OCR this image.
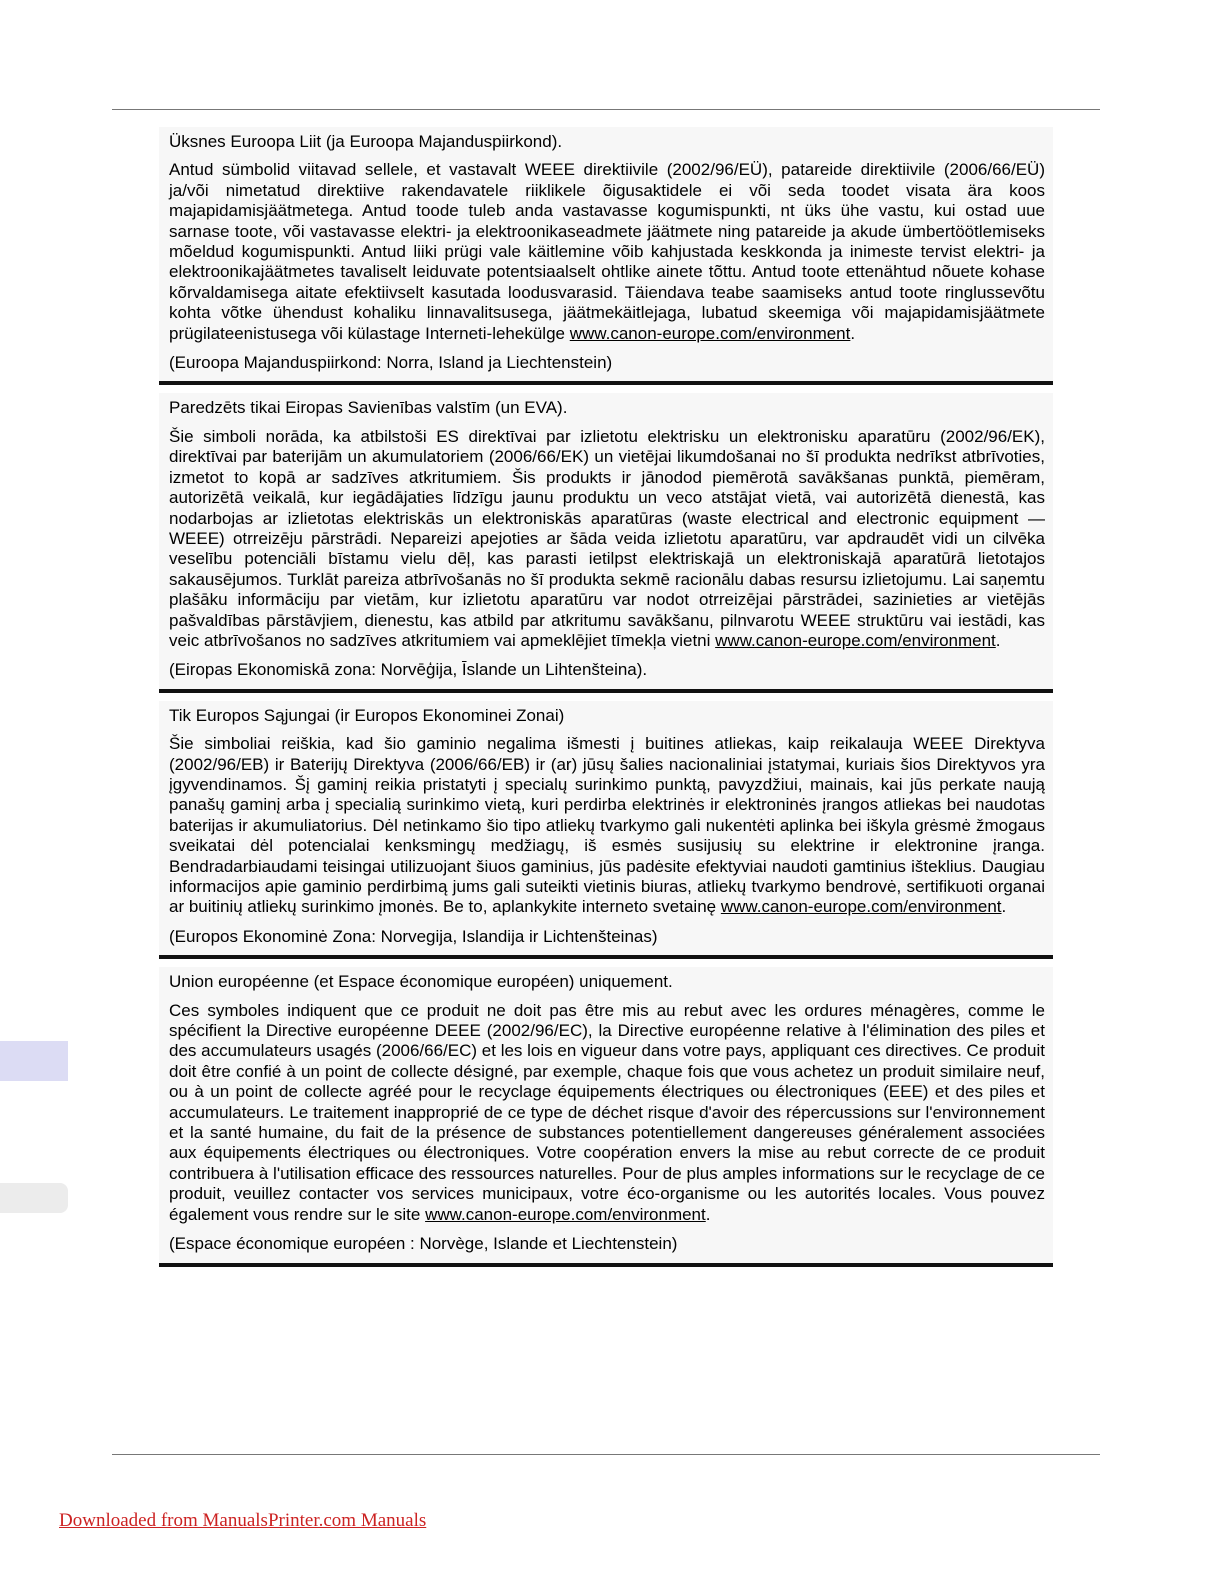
Üksnes Euroopa Liit (ja Euroopa Majanduspiirkond).

Antud sümbolid viitavad sellele, et vastavalt WEEE direktiivile (2002/96/EÜ), patareide direktiivile (2006/66/EÜ) ja/või nimetatud direktiive rakendavatele riiklikele õigusaktidele ei või seda toodet visata ära koos majapidamisjäätmetega. Antud toode tuleb anda vastavasse kogumispunkti, nt üks ühe vastu, kui ostad uue sarnase toote, või vastavasse elektri- ja elektroonikaseadmete jäätmete ning patareide ja akude ümbertöötlemiseks mõeldud kogumispunkti. Antud liiki prügi vale käitlemine võib kahjustada keskkonda ja inimeste tervist elektri- ja elektroonikajäätmetes tavaliselt leiduvate potentsiaalselt ohtlike ainete tõttu. Antud toote ettenähtud nõuete kohase kõrvaldamisega aitate efektiivselt kasutada loodusvarasid. Täiendava teabe saamiseks antud toote ringlussevõtu kohta võtke ühendust kohaliku linnavalitsusega, jäätmekäitlejaga, lubatud skeemiga või majapidamisjäätmete prügilateenistusega või külastage Interneti-lehekülge www.canon-europe.com/environment.

(Euroopa Majanduspiirkond: Norra, Island ja Liechtenstein)

Paredzēts tikai Eiropas Savienības valstīm (un EVA).

Šie simboli norāda, ka atbilstoši ES direktīvai par izlietotu elektrisku un elektronisku aparatūru (2002/96/EK), direktīvai par baterijām un akumulatoriem (2006/66/EK) un vietējai likumdošanai no šī produkta nedrīkst atbrīvoties, izmetot to kopā ar sadzīves atkritumiem. Šis produkts ir jānodod piemērotā savākšanas punktā, piemēram, autorizētā veikalā, kur iegādājaties līdzīgu jaunu produktu un veco atstājat vietā, vai autorizētā dienestā, kas nodarbojas ar izlietotas elektriskās un elektroniskās aparatūras (waste electrical and electronic equipment — WEEE) otrreizēju pārstrādi. Nepareizi apejoties ar šāda veida izlietotu aparatūru, var apdraudēt vidi un cilvēka veselību potenciāli bīstamu vielu dēļ, kas parasti ietilpst elektriskajā un elektroniskajā aparatūrā lietotajos sakausējumos. Turklāt pareiza atbrīvošanās no šī produkta sekmē racionālu dabas resursu izlietojumu. Lai saņemtu plašāku informāciju par vietām, kur izlietotu aparatūru var nodot otrreizējai pārstrādei, sazinieties ar vietējās pašvaldības pārstāvjiem, dienestu, kas atbild par atkritumu savākšanu, pilnvarotu WEEE struktūru vai iestādi, kas veic atbrīvošanos no sadzīves atkritumiem vai apmeklējiet tīmekļa vietni www.canon-europe.com/environment.

(Eiropas Ekonomiskā zona: Norvēģija, Īslande un Lihtenšteina).

Tik Europos Sąjungai (ir Europos Ekonominei Zonai)

Šie simboliai reiškia, kad šio gaminio negalima išmesti į buitines atliekas, kaip reikalauja WEEE Direktyva (2002/96/EB) ir Baterijų Direktyva (2006/66/EB) ir (ar) jūsų šalies nacionaliniai įstatymai, kuriais šios Direktyvos yra įgyvendinamos. Šį gaminį reikia pristatyti į specialų surinkimo punktą, pavyzdžiui, mainais, kai jūs perkate naują panašų gaminį arba į specialią surinkimo vietą, kuri perdirba elektrinės ir elektroninės įrangos atliekas bei naudotas baterijas ir akumuliatorius. Dėl netinkamo šio tipo atliekų tvarkymo gali nukentėti aplinka bei iškyla grėsmė žmogaus sveikatai dėl potencialai kenksmingų medžiagų, iš esmės susijusių su elektrine ir elektronine įranga. Bendradarbiaudami teisingai utilizuojant šiuos gaminius, jūs padėsite efektyviai naudoti gamtinius išteklius. Daugiau informacijos apie gaminio perdirbimą jums gali suteikti vietinis biuras, atliekų tvarkymo bendrovė, sertifikuoti organai ar buitinių atliekų surinkimo įmonės. Be to, aplankykite interneto svetainę www.canon-europe.com/environment.

(Europos Ekonominė Zona: Norvegija, Islandija ir Lichtenšteinas)

Union européenne (et Espace économique européen) uniquement.

Ces symboles indiquent que ce produit ne doit pas être mis au rebut avec les ordures ménagères, comme le spécifient la Directive européenne DEEE (2002/96/EC), la Directive européenne relative à l'élimination des piles et des accumulateurs usagés (2006/66/EC) et les lois en vigueur dans votre pays, appliquant ces directives. Ce produit doit être confié à un point de collecte désigné, par exemple, chaque fois que vous achetez un produit similaire neuf, ou à un point de collecte agréé pour le recyclage équipements électriques ou électroniques (EEE) et des piles et accumulateurs. Le traitement inapproprié de ce type de déchet risque d'avoir des répercussions sur l'environnement et la santé humaine, du fait de la présence de substances potentiellement dangereuses généralement associées aux équipements électriques ou électroniques. Votre coopération envers la mise au rebut correcte de ce produit contribuera à l'utilisation efficace des ressources naturelles. Pour de plus amples informations sur le recyclage de ce produit, veuillez contacter vos services municipaux, votre éco-organisme ou les autorités locales. Vous pouvez également vous rendre sur le site www.canon-europe.com/environment.

(Espace économique européen : Norvège, Islande et Liechtenstein)

Downloaded from ManualsPrinter.com Manuals
